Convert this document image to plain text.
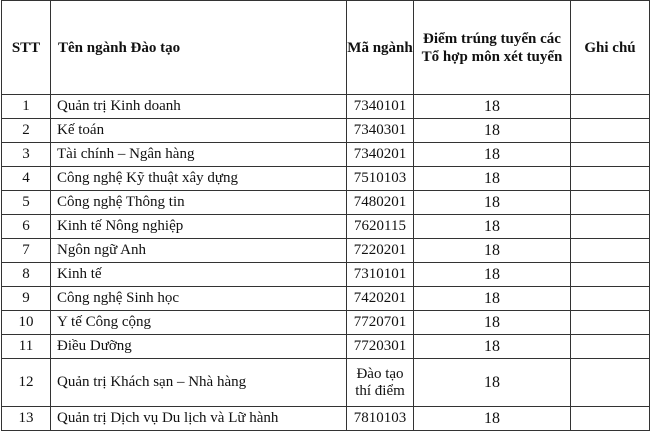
STT	Tên ngành Đào tạo	Mã ngành	Điểm trúng tuyển các Tổ hợp môn xét tuyển	Ghi chú
1	Quản trị Kinh doanh	7340101	18	
2	Kế toán	7340301	18	
3	Tài chính – Ngân hàng	7340201	18	
4	Công nghệ Kỹ thuật xây dựng	7510103	18	
5	Công nghệ Thông tin	7480201	18	
6	Kinh tế Nông nghiệp	7620115	18	
7	Ngôn ngữ Anh	7220201	18	
8	Kinh tế	7310101	18	
9	Công nghệ Sinh học	7420201	18	
10	Y tế Công cộng	7720701	18	
11	Điều Dưỡng	7720301	18	
12	Quản trị Khách sạn – Nhà hàng	Đào tạo thí điểm	18	
13	Quản trị Dịch vụ Du lịch và Lữ hành	7810103	18	
